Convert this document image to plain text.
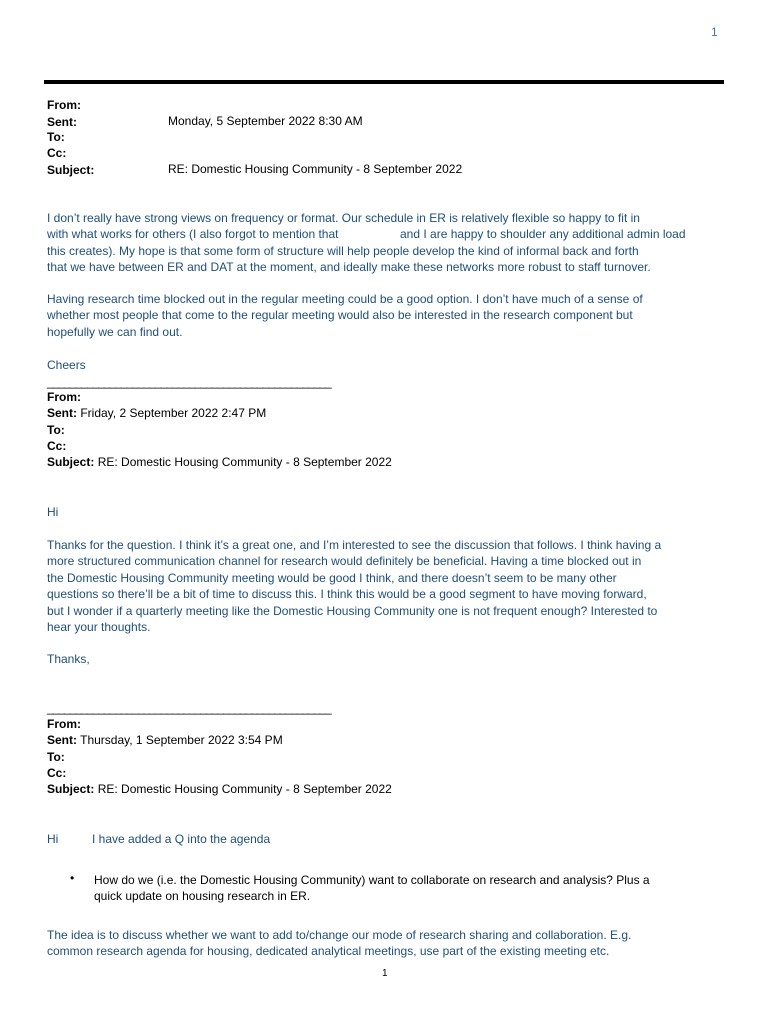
1
From:
Sent:	Monday, 5 September 2022 8:30 AM
To:
Cc:
Subject:	RE: Domestic Housing Community - 8 September 2022
I don’t really have strong views on frequency or format. Our schedule in ER is relatively flexible so happy to fit in
with what works for others (I also forgot to mention that	and I are happy to shoulder any additional admin load
this creates). My hope is that some form of structure will help people develop the kind of informal back and forth
that we have between ER and DAT at the moment, and ideally make these networks more robust to staff turnover.
Having research time blocked out in the regular meeting could be a good option. I don’t have much of a sense of
whether most people that come to the regular meeting would also be interested in the research component but
hopefully we can find out.
Cheers
__________________________________________________
From:
Sent: Friday, 2 September 2022 2:47 PM
To:
Cc:
Subject: RE: Domestic Housing Community - 8 September 2022
Hi
Thanks for the question. I think it’s a great one, and I’m interested to see the discussion that follows. I think having a
more structured communication channel for research would definitely be beneficial. Having a time blocked out in
the Domestic Housing Community meeting would be good I think, and there doesn’t seem to be many other
questions so there’ll be a bit of time to discuss this. I think this would be a good segment to have moving forward,
but I wonder if a quarterly meeting like the Domestic Housing Community one is not frequent enough? Interested to
hear your thoughts.
Thanks,
__________________________________________________
From:
Sent: Thursday, 1 September 2022 3:54 PM
To:
Cc:
Subject: RE: Domestic Housing Community - 8 September 2022
Hi	I have added a Q into the agenda
• How do we (i.e. the Domestic Housing Community) want to collaborate on research and analysis? Plus a
quick update on housing research in ER.
The idea is to discuss whether we want to add to/change our mode of research sharing and collaboration. E.g.
common research agenda for housing, dedicated analytical meetings, use part of the existing meeting etc.
1
